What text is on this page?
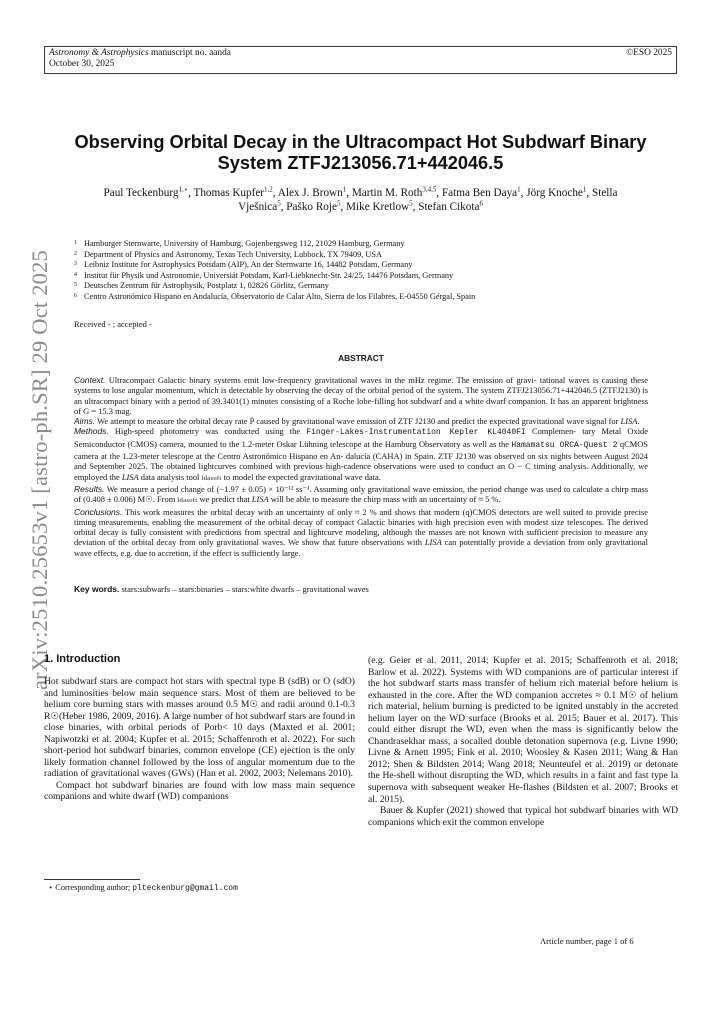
Astronomy & Astrophysics manuscript no. aanda
October 30, 2025
©ESO 2025
arXiv:2510.25653v1 [astro-ph.SR] 29 Oct 2025
Observing Orbital Decay in the Ultracompact Hot Subdwarf Binary
System ZTFJ213056.71+442046.5
Paul Teckenburg$^{1,⋆}$, Thomas Kupfer$^{1,2}$, Alex J. Brown$^1$, Martin M. Roth$^{3,4,5}$, Fatma Ben Daya$^1$, Jörg Knoche$^1$, Stella
Vješnica$^5$, Paško Roje$^5$, Mike Kretlow$^5$, Stefan Cikota$^6$
1 Hamburger Sternwarte, University of Hamburg, Gojenbergsweg 112, 21029 Hamburg, Germany
2 Department of Physics and Astronomy, Texas Tech University, Lubbock, TX 79409, USA
3 Leibniz Institute for Astrophysics Potsdam (AIP), An der Sternwarte 16, 14482 Potsdam, Germany
4 Institut für Physik und Astronomie, Universiät Potsdam, Karl-Liebknecht-Str. 24/25, 14476 Potsdam, Germany
5 Deutsches Zentrum für Astrophysik, Postplatz 1, 02826 Görlitz, Germany
6 Centro Astronómico Hispano en Andalucía, Observatorio de Calar Alto, Sierra de los Filabres, E-04550 Gérgal, Spain
Received - ; accepted -
ABSTRACT

Context. Ultracompact Galactic binary systems emit low-frequency gravitational waves in the mHz regime. The emission of gravi- tational waves is causing these systems to lose angular momentum, which is detectable by observing the decay of the orbital period of the system. The system ZTFJ213056.71+442046.5 (ZTFJ2130) is an ultracompact binary with a period of 39.3401(1) minutes consisting of a Roche lobe-filling hot subdwarf and a white dwarf companion. It has an apparent brightness of G = 15.3 mag.

Aims. We attempt to measure the orbital decay rate Ṗ caused by gravitational wave emission of ZTF J2130 and predict the expected gravitational wave signal for LISA.

Methods. High-speed photometry was conducted using the Finger-Lakes-Instrumentation Kepler KL4040FI Complemen- tary Metal Oxide Semiconductor (CMOS) camera, mounted to the 1.2-meter Oskar Lühning telescope at the Hamburg Observatory as well as the Hamamatsu ORCA-Quest 2 qCMOS camera at the 1.23-meter telescope at the Centro Astronómico Hispano en An- dalucía (CAHA) in Spain. ZTF J2130 was observed on six nights between August 2024 and September 2025. The obtained lightcurves combined with previous high-cadence observations were used to conduct an O − C timing analysis. Additionally, we employed the LISA data analysis tool ldasoft to model the expected gravitational wave data.

Results. We measure a period change of (−1.97 ± 0.05) × 10⁻¹² ss⁻¹. Assuming only gravitational wave emission, the period change was used to calculate a chirp mass of (0.408 ± 0.006) M☉. From ldasoft we predict that LISA will be able to measure the chirp mass with an uncertainty of ≈ 5 %.

Conclusions. This work measures the orbital decay with an uncertainty of only ≈ 2 % and shows that modern (q)CMOS detectors are well suited to provide precise timing measurements, enabling the measurement of the orbital decay of compact Galactic binaries with high precision even with modest size telescopes. The derived orbital decay is fully consistent with predictions from spectral and lightcurve modeling, although the masses are not known with sufficient precision to measure any deviation of the orbital decay from only gravitational waves. We show that future observations with LISA can potentially provide a deviation from only gravitational wave effects, e.g. due to accretion, if the effect is sufficiently large.

Key words. stars:subwarfs – stars:binaries – stars:white dwarfs – gravitational waves
1. Introduction

Hot subdwarf stars are compact hot stars with spectral type B (sdB) or O (sdO) and luminosities below main sequence stars. Most of them are believed to be helium core burning stars with masses around 0.5 M☉ and radii around 0.1-0.3 R☉(Heber 1986, 2009, 2016). A large number of hot subdwarf stars are found in close binaries, with orbital periods of Porb< 10 days (Maxted et al. 2001; Napiwotzki et al. 2004; Kupfer et al. 2015; Schaffenroth et al. 2022). For such short-period hot subdwarf binaries, common envelope (CE) ejection is the only likely formation channel followed by the loss of angular momentum due to the radiation of gravitational waves (GWs) (Han et al. 2002, 2003; Nelemans 2010).

Compact hot subdwarf binaries are found with low mass main sequence companions and white dwarf (WD) companions

(e.g. Geier et al. 2011, 2014; Kupfer et al. 2015; Schaffenroth et al. 2018; Barlow et al. 2022). Systems with WD companions are of particular interest if the hot subdwarf starts mass transfer of helium rich material before helium is exhausted in the core. After the WD companion accretes ≈ 0.1 M☉ of helium rich material, helium burning is predicted to be ignited unstably in the accreted helium layer on the WD surface (Brooks et al. 2015; Bauer et al. 2017). This could either disrupt the WD, even when the mass is significantly below the Chandrasekhar mass, a socalled double detonation supernova (e.g. Livne 1990; Livne & Arnett 1995; Fink et al. 2010; Woosley & Kasen 2011; Wang & Han 2012; Shen & Bildsten 2014; Wang 2018; Neunteufel et al. 2019) or detonate the He-shell without disrupting the WD, which results in a faint and fast type Ia supernova with subsequent weaker He-flashes (Bildsten et al. 2007; Brooks et al. 2015).

Bauer & Kupfer (2021) showed that typical hot subdwarf binaries with WD companions which exit the common envelope

⋆ Corresponding author; plteckenburg@gmail.com
Article number, page 1 of 6
